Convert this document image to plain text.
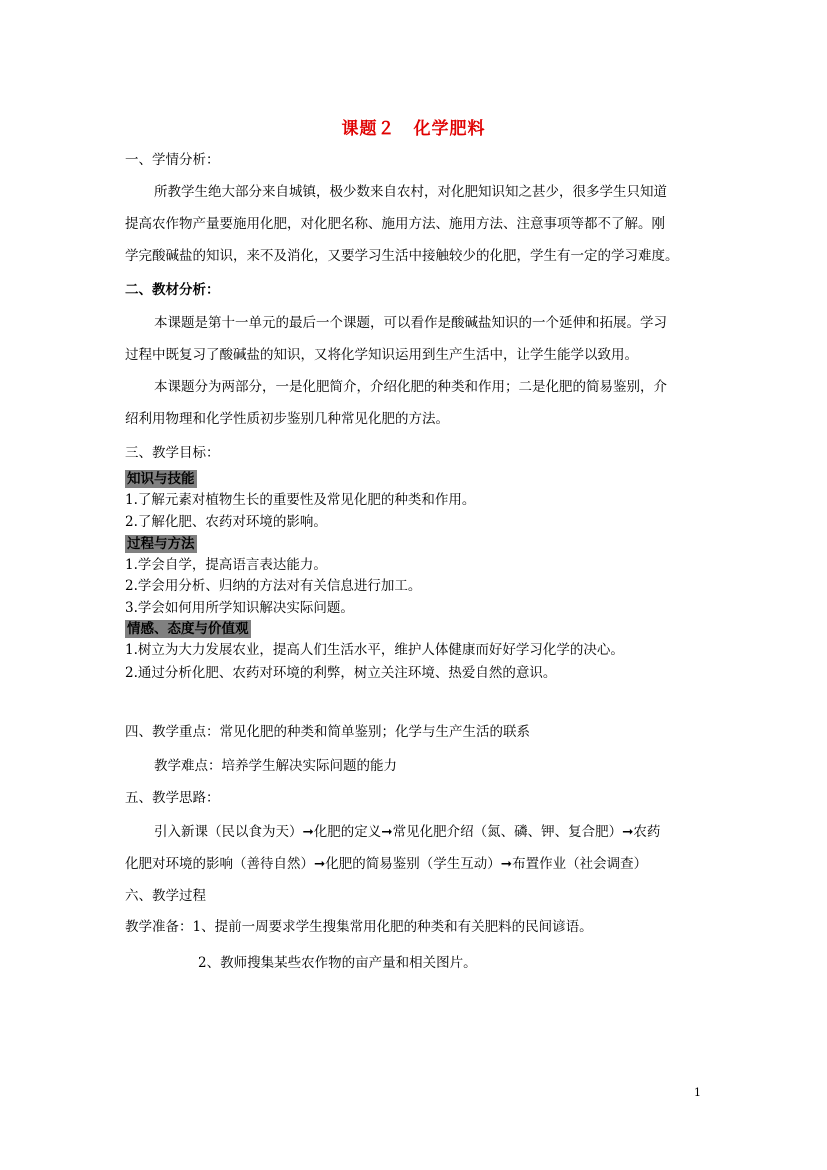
课题２ 化学肥料
一、学情分析：
所教学生绝大部分来自城镇，极少数来自农村，对化肥知识知之甚少，很多学生只知道
提高农作物产量要施用化肥，对化肥名称、施用方法、施用方法、注意事项等都不了解。刚
学完酸碱盐的知识，来不及消化，又要学习生活中接触较少的化肥，学生有一定的学习难度。
二、教材分析：
本课题是第十一单元的最后一个课题，可以看作是酸碱盐知识的一个延伸和拓展。学习
过程中既复习了酸碱盐的知识，又将化学知识运用到生产生活中，让学生能学以致用。
本课题分为两部分，一是化肥简介，介绍化肥的种类和作用；二是化肥的简易鉴别，介
绍利用物理和化学性质初步鉴别几种常见化肥的方法。
三、教学目标：
知识与技能
1.了解元素对植物生长的重要性及常见化肥的种类和作用。
2.了解化肥、农药对环境的影响。
过程与方法
1.学会自学，提高语言表达能力。
2.学会用分析、归纳的方法对有关信息进行加工。
3.学会如何用所学知识解决实际问题。
情感、态度与价值观
1.树立为大力发展农业，提高人们生活水平，维护人体健康而好好学习化学的决心。
2.通过分析化肥、农药对环境的利弊，树立关注环境、热爱自然的意识。
四、教学重点：常见化肥的种类和简单鉴别；化学与生产生活的联系
教学难点：培养学生解决实际问题的能力
五、教学思路：
引入新课（民以食为天）➞化肥的定义➞常见化肥介绍（氮、磷、钾、复合肥）➞农药
化肥对环境的影响（善待自然）➞化肥的简易鉴别（学生互动）➞布置作业（社会调查）
六、教学过程
教学准备：1、提前一周要求学生搜集常用化肥的种类和有关肥料的民间谚语。
2、教师搜集某些农作物的亩产量和相关图片。
1
